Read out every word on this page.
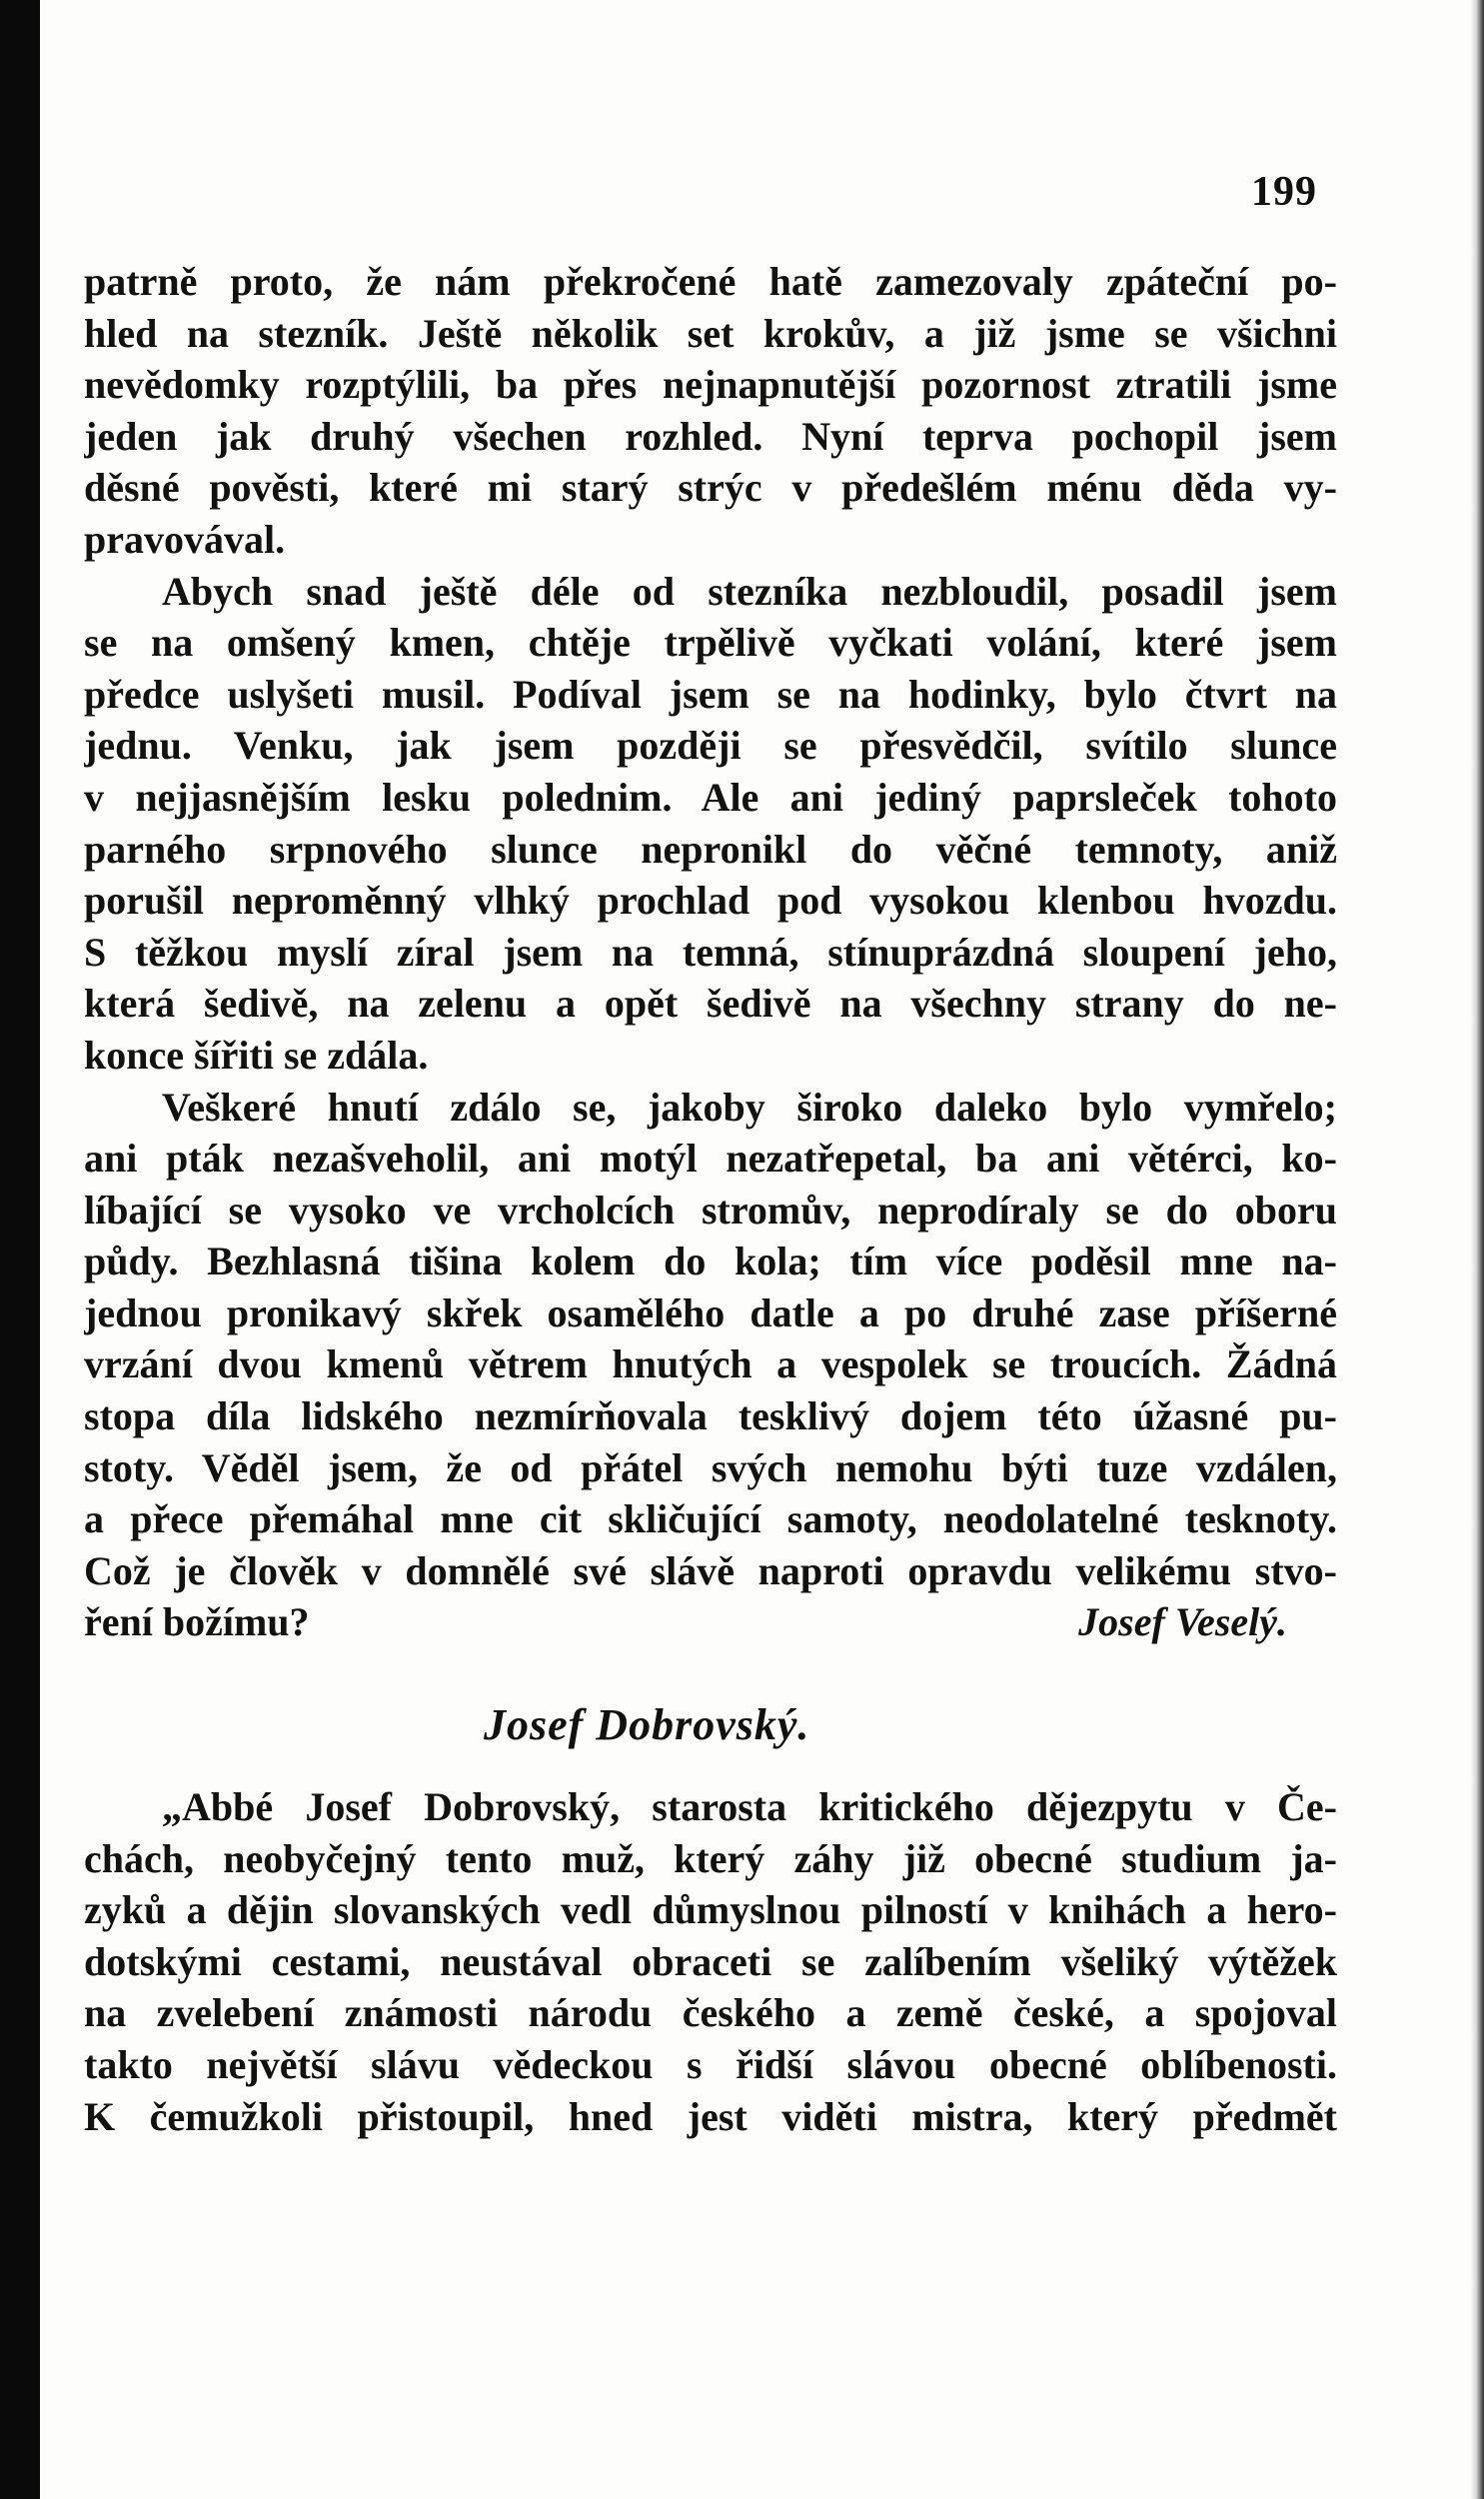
199
patrně proto, že nám překročené hatě zamezovaly zpáteční po-
hled na stezník. Ještě několik set krokův, a již jsme se všichni
nevědomky rozptýlili, ba přes nejnapnutější pozornost ztratili jsme
jeden jak druhý všechen rozhled. Nyní teprva pochopil jsem
děsné pověsti, které mi starý strýc v předešlém ménu děda vy-
pravovával.
Abych snad ještě déle od stezníka nezbloudil, posadil jsem
se na omšený kmen, chtěje trpělivě vyčkati volání, které jsem
předce uslyšeti musil. Podíval jsem se na hodinky, bylo čtvrt na
jednu. Venku, jak jsem později se přesvědčil, svítilo slunce
v nejjasnějším lesku polednim. Ale ani jediný paprsleček tohoto
parného srpnového slunce nepronikl do věčné temnoty, aniž
porušil neproměnný vlhký prochlad pod vysokou klenbou hvozdu.
S těžkou myslí zíral jsem na temná, stínuprázdná sloupení jeho,
která šedivě, na zelenu a opět šedivě na všechny strany do ne-
konce šířiti se zdála.
Veškeré hnutí zdálo se, jakoby široko daleko bylo vymřelo;
ani pták nezašveholil, ani motýl nezatřepetal, ba ani větérci, ko-
líbající se vysoko ve vrcholcích stromův, neprodíraly se do oboru
půdy. Bezhlasná tišina kolem do kola; tím více poděsil mne na-
jednou pronikavý skřek osamělého datle a po druhé zase příšerné
vrzání dvou kmenů větrem hnutých a vespolek se troucích. Žádná
stopa díla lidského nezmírňovala tesklivý dojem této úžasné pu-
stoty. Věděl jsem, že od přátel svých nemohu býti tuze vzdálen,
a přece přemáhal mne cit skličující samoty, neodolatelné tesknoty.
Což je člověk v domnělé své slávě naproti opravdu velikému stvo-
ření božímu?	Josef Veselý.
Josef Dobrovský.
„Abbé Josef Dobrovský, starosta kritického dějezpytu v Če-
chách, neobyčejný tento muž, který záhy již obecné studium ja-
zyků a dějin slovanských vedl důmyslnou pilností v knihách a hero-
dotskými cestami, neustával obraceti se zalíbením všeliký výtěžek
na zvelebení známosti národu českého a země české, a spojoval
takto největší slávu vědeckou s řidší slávou obecné oblíbenosti.
K čemužkoli přistoupil, hned jest viděti mistra, který předmět
